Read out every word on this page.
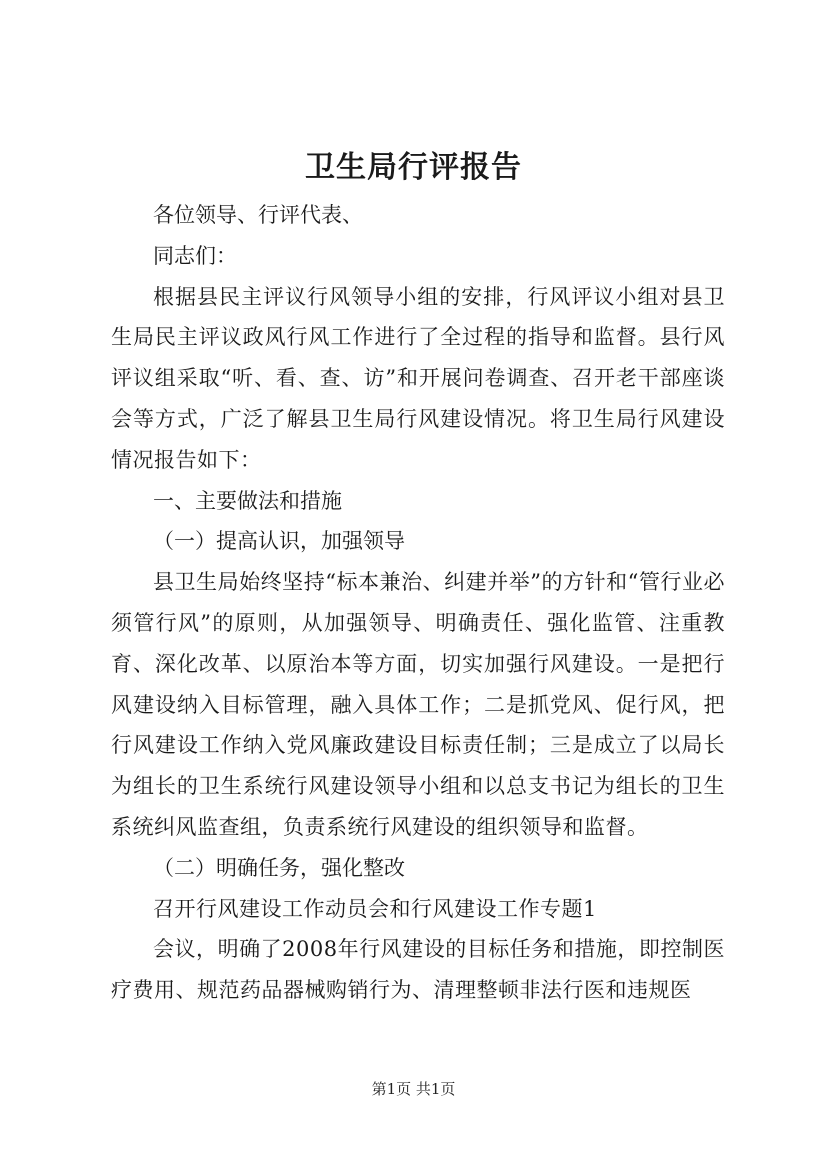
卫生局行评报告

各位领导、行评代表、

同志们：

根据县民主评议行风领导小组的安排，行风评议小组对县卫生局民主评议政风行风工作进行了全过程的指导和监督。县行风评议组采取“听、看、查、访”和开展问卷调查、召开老干部座谈会等方式，广泛了解县卫生局行风建设情况。将卫生局行风建设情况报告如下：

一、主要做法和措施

（一）提高认识，加强领导

县卫生局始终坚持“标本兼治、纠建并举”的方针和“管行业必须管行风”的原则，从加强领导、明确责任、强化监管、注重教育、深化改革、以原治本等方面，切实加强行风建设。一是把行风建设纳入目标管理，融入具体工作；二是抓党风、促行风，把行风建设工作纳入党风廉政建设目标责任制；三是成立了以局长为组长的卫生系统行风建设领导小组和以总支书记为组长的卫生系统纠风监查组，负责系统行风建设的组织领导和监督。

（二）明确任务，强化整改

召开行风建设工作动员会和行风建设工作专题1

会议，明确了2008年行风建设的目标任务和措施，即控制医疗费用、规范药品器械购销行为、清理整顿非法行医和违规医

第1页 共1页
